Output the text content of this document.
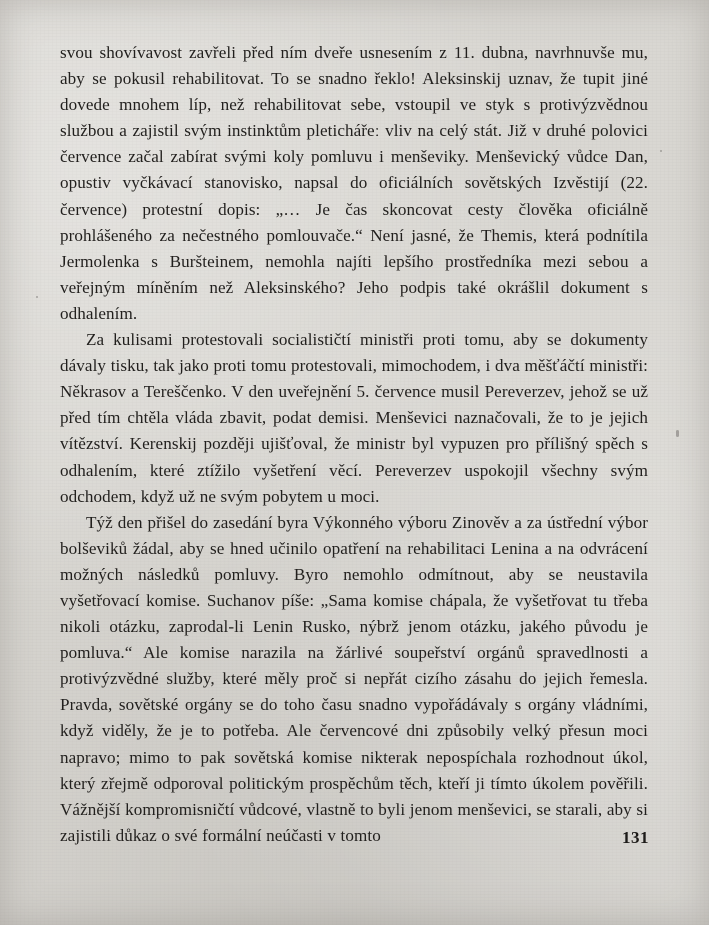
svou shovívavost zavřeli před ním dveře usnesením z 11. dubna, navrhnuvše mu, aby se pokusil rehabilitovat. To se snadno řeklo! Aleksinskij uznav, že tupit jiné dovede mnohem líp, než rehabilitovat sebe, vstoupil ve styk s protivýzvědnou službou a zajistil svým instinktům pletichářeː vliv na celý stát. Již v druhé polovici července začal zabírat svými koly pomluvu i menševiky. Menševický vůdce Dan, opustiv vyčkávací stanovisko, napsal do oficiálních sovětských Izvěstijí (22. července) protestní dopis: „… Je čas skoncovat cesty člověka oficiálně prohlášeného za nečestného pomlouvače.“ Není jasné, že Themis, která podnítila Jermolenka s Buršteinem, nemohla najíti lepšího prostředníka mezi sebou a veřejným míněním než Aleksinského? Jeho podpis také okrášlil dokument s odhalením.

Za kulisami protestovali socialističtí ministři proti tomu, aby se dokumenty dávaly tisku, tak jako proti tomu protestovali, mimochodem, i dva měšťáčtí ministři: Někrasov a Tereščenko. V den uveřejnění 5. července musil Pereverzev, jehož se už před tím chtěla vláda zbavit, podat demisi. Menševici naznačovali, že to je jejich vítězství. Kerenskij později ujišťoval, že ministr byl vypuzen pro přílišný spěch s odhalením, které ztížilo vyšetření věcí. Pereverzev uspokojil všechny svým odchodem, když už ne svým pobytem u moci.

Týž den přišel do zasedání byra Výkonného výboru Zinověv a za ústřední výbor bolševiků žádal, aby se hned učinilo opatření na rehabilitaci Lenina a na odvrácení možných následků pomluvy. Byro nemohlo odmítnout, aby se neustavila vyšetřovací komise. Suchanov píše: „Sama komise chápala, že vyšetřovat tu třeba nikoli otázku, zaprodal-li Lenin Rusko, nýbrž jenom otázku, jakého původu je pomluva.“ Ale komise narazila na žárlivé soupeřství orgánů spravedlnosti a protivýzvědné služby, které měly proč si nepřát cizího zásahu do jejich řemesla. Pravda, sovětské orgány se do toho času snadno vypořádávaly s orgány vládními, když viděly, že je to potřeba. Ale červencové dni způsobily velký přesun moci napravo; mimo to pak sovětská komise nikterak nepospíchala rozhodnout úkol, který zřejmě odporoval politickým prospěchům těch, kteří ji tímto úkolem pověřili. Vážnější kompromisničtí vůdcové, vlastně to byli jenom menševici, se starali, aby si zajistili důkaz o své formální neúčasti v tomto	131
